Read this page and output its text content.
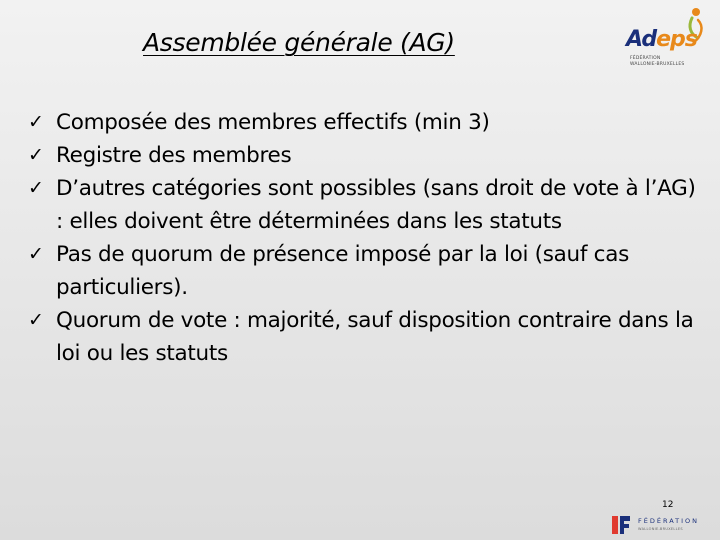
Assemblée générale (AG)	Adeps
FÉDÉRATION
WALLONIE-BRUXELLES
✓ Composée des membres effectifs (min 3)
✓ Registre des membres
✓ D’autres catégories sont possibles (sans droit de vote à l’AG) : elles doivent être déterminées dans les statuts
✓ Pas de quorum de présence imposé par la loi (sauf cas particuliers).
✓ Quorum de vote : majorité, sauf disposition contraire dans la loi ou les statuts
12
FÉDÉRATION
WALLONIE-BRUXELLES
